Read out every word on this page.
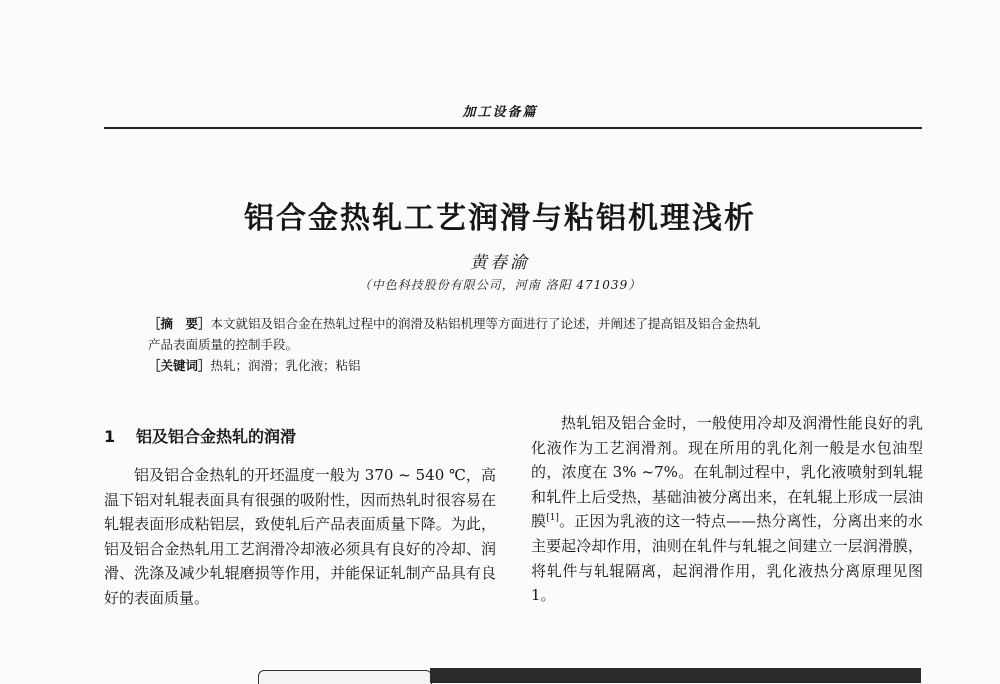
加工设备篇
铝合金热轧工艺润滑与粘铝机理浅析
黄春渝
（中色科技股份有限公司，河南 洛阳 471039）
［摘　要］本文就铝及铝合金在热轧过程中的润滑及粘铝机理等方面进行了论述，并阐述了提高铝及铝合金热轧
产品表面质量的控制手段。
［关键词］热轧；润滑；乳化液；粘铝
1 铝及铝合金热轧的润滑
铝及铝合金热轧的开坯温度一般为 370 ~ 540 ℃，高温下铝对轧辊表面具有很强的吸附性，因而热轧时很容易在轧辊表面形成粘铝层，致使轧后产品表面质量下降。为此，铝及铝合金热轧用工艺润滑冷却液必须具有良好的冷却、润滑、洗涤及减少轧辊磨损等作用，并能保证轧制产品具有良好的表面质量。
热轧铝及铝合金时，一般使用冷却及润滑性能良好的乳化液作为工艺润滑剂。现在所用的乳化剂一般是水包油型的，浓度在 3% ~7%。在轧制过程中，乳化液喷射到轧辊和轧件上后受热，基础油被分离出来，在轧辊上形成一层油膜[1]。正因为乳液的这一特点——热分离性，分离出来的水主要起冷却作用，油则在轧件与轧辊之间建立一层润滑膜，将轧件与轧辊隔离，起润滑作用，乳化液热分离原理见图 1。
